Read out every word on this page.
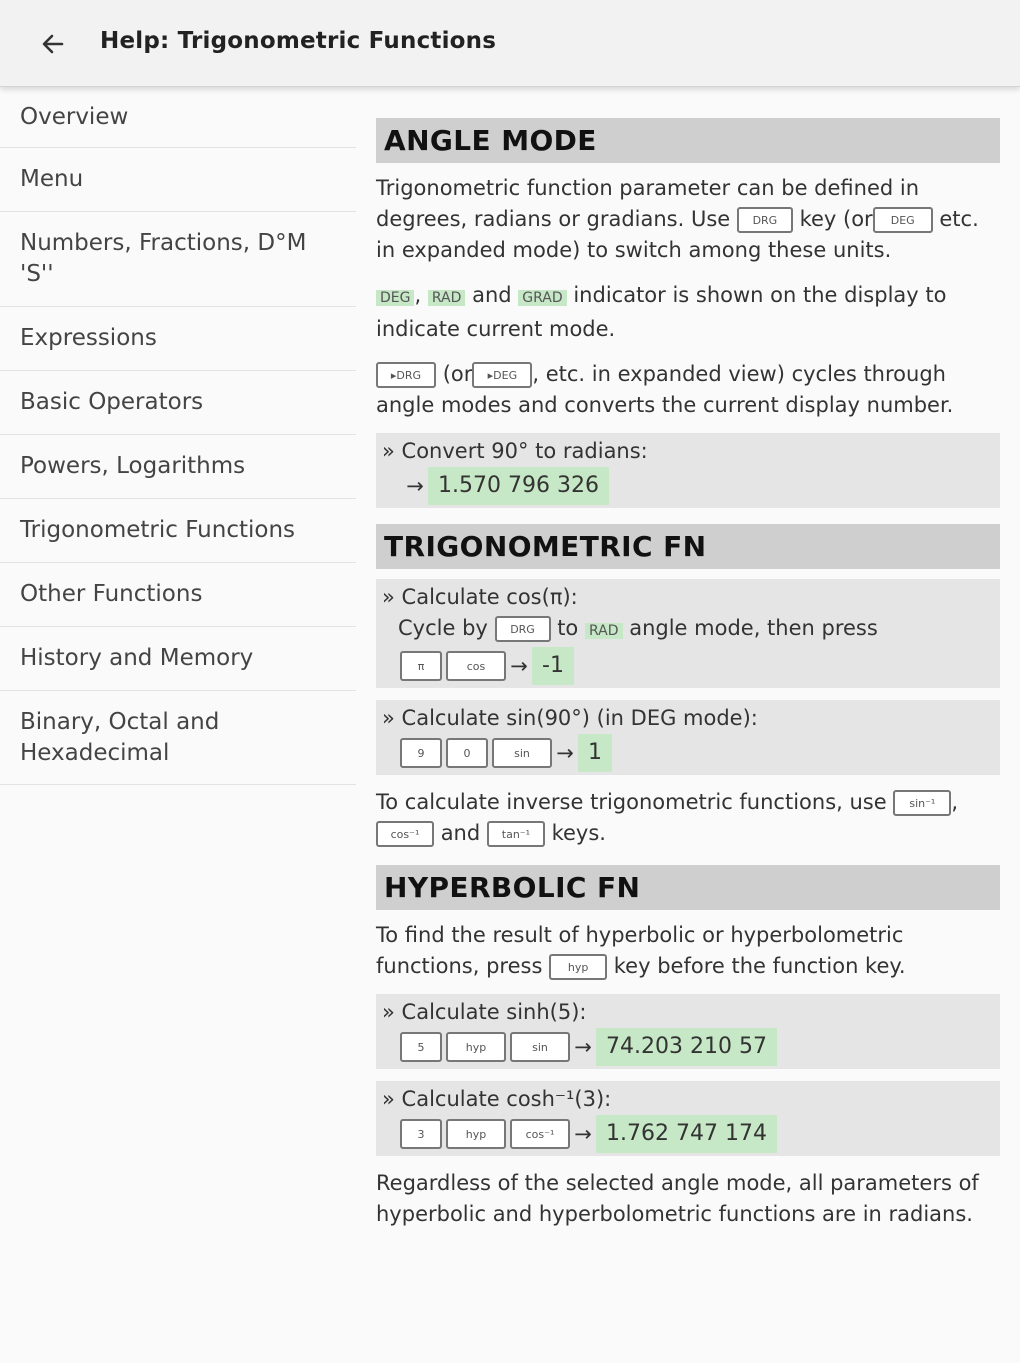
Help: Trigonometric Functions
Overview
Menu
Numbers, Fractions, D°M 'S''
Expressions
Basic Operators
Powers, Logarithms
Trigonometric Functions
Other Functions
History and Memory
Binary, Octal and Hexadecimal
ANGLE MODE

Trigonometric function parameter can be defined in degrees, radians or gradians. Use DRG key (or DEG etc. in expanded mode) to switch among these units.

DEG , RAD and GRAD indicator is shown on the display to indicate current mode.

▸DRG (or ▸DEG , etc. in expanded view) cycles through angle modes and converts the current display number.

» Convert 90° to radians:
→ 1.570 796 326
TRIGONOMETRIC FN
» Calculate cos(π):
Cycle by DRG to RAD angle mode, then press
π	cos	→ -1
» Calculate sin(90°) (in DEG mode):
9	0	sin	→ 1

To calculate inverse trigonometric functions, use sin⁻¹ , cos⁻¹ and tan⁻¹ keys.

HYPERBOLIC FN

To find the result of hyperbolic or hyperbolometric functions, press hyp key before the function key.

» Calculate sinh(5):
5	hyp	sin	→ 74.203 210 57
» Calculate cosh⁻¹(3):
3	hyp	cos⁻¹ → 1.762 747 174

Regardless of the selected angle mode, all parameters of hyperbolic and hyperbolometric functions are in radians.
